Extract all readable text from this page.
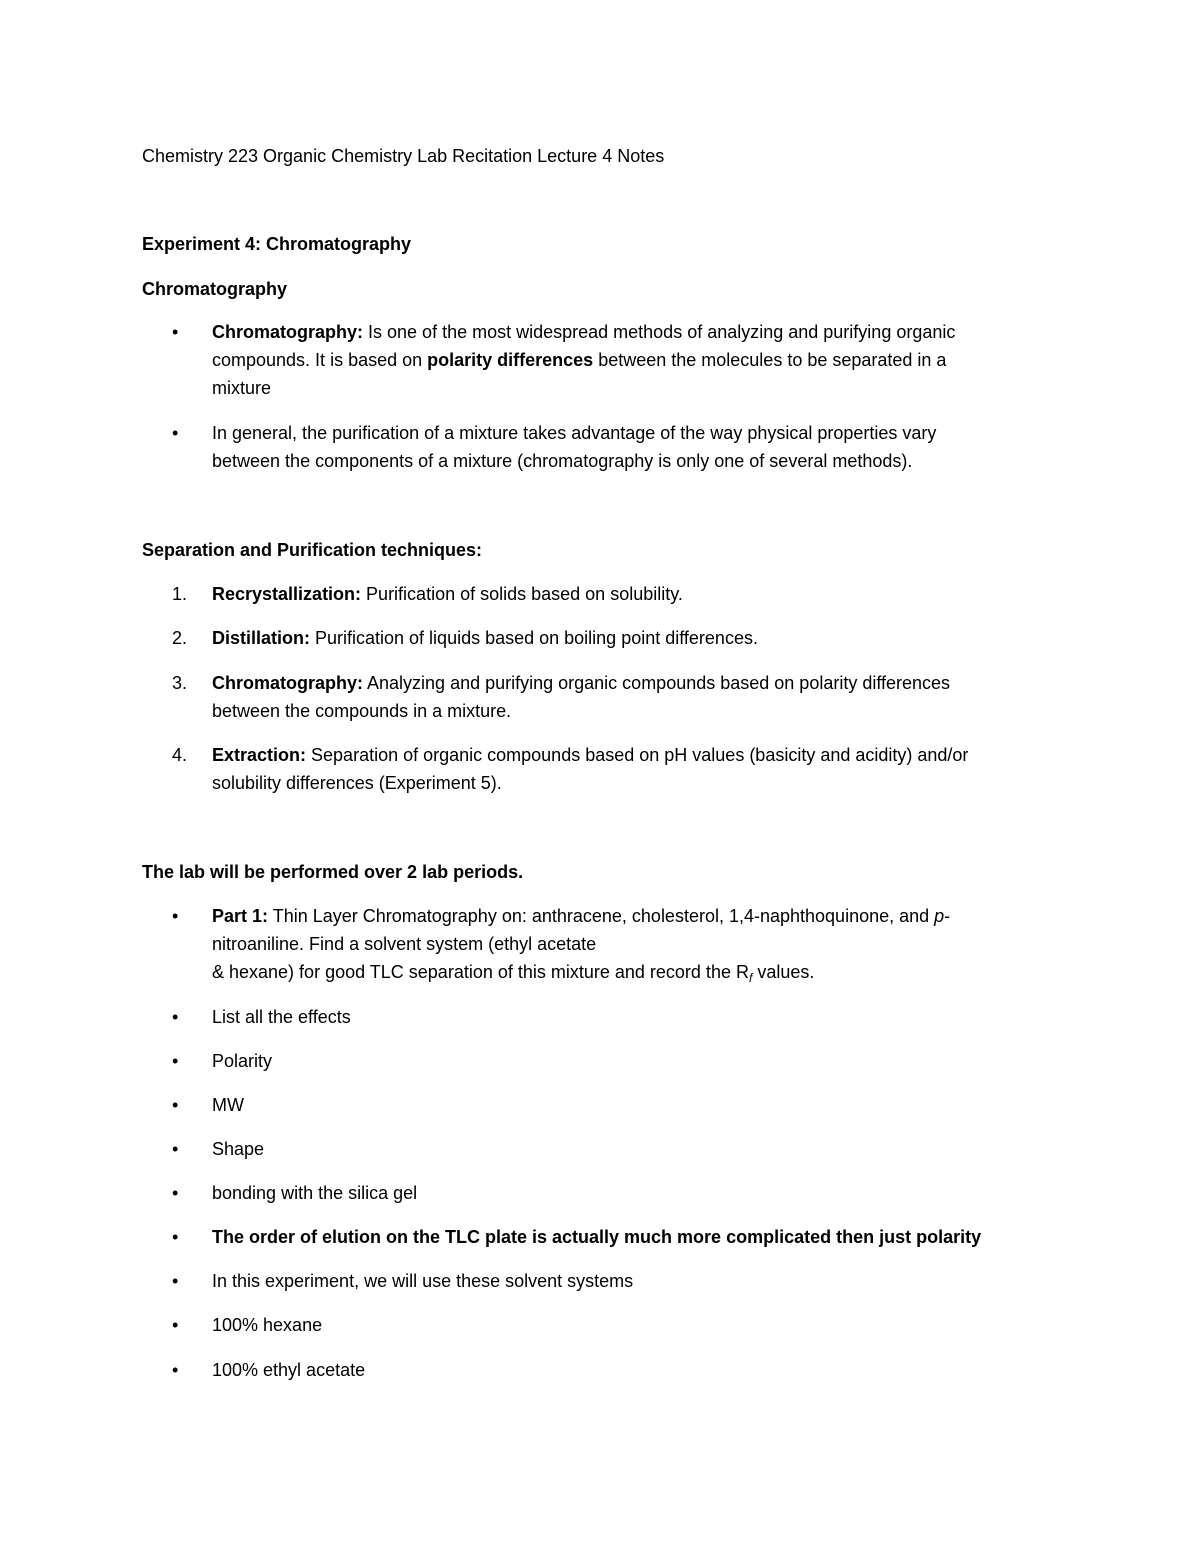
Chemistry 223 Organic Chemistry Lab Recitation Lecture 4 Notes
Experiment 4: Chromatography
Chromatography
•	Chromatography: Is one of the most widespread methods of analyzing and purifying organic
compounds. It is based on polarity differences between the molecules to be separated in a
mixture
•	In general, the purification of a mixture takes advantage of the way physical properties vary
between the components of a mixture (chromatography is only one of several methods).
Separation and Purification techniques:
1.	Recrystallization: Purification of solids based on solubility.
2.	Distillation: Purification of liquids based on boiling point differences.
3.	Chromatography: Analyzing and purifying organic compounds based on polarity differences
between the compounds in a mixture.
4.	Extraction: Separation of organic compounds based on pH values (basicity and acidity) and/or
solubility differences (Experiment 5).
The lab will be performed over 2 lab periods.
•	Part 1: Thin Layer Chromatography on: anthracene, cholesterol, 1,4-naphthoquinone, and p-
nitroaniline. Find a solvent system (ethyl acetate
& hexane) for good TLC separation of this mixture and record the $R_f$ values.
•	List all the effects
•	Polarity
•	MW
•	Shape
•	bonding with the silica gel
•	The order of elution on the TLC plate is actually much more complicated then just polarity
•	In this experiment, we will use these solvent systems
•	100% hexane
•	100% ethyl acetate
